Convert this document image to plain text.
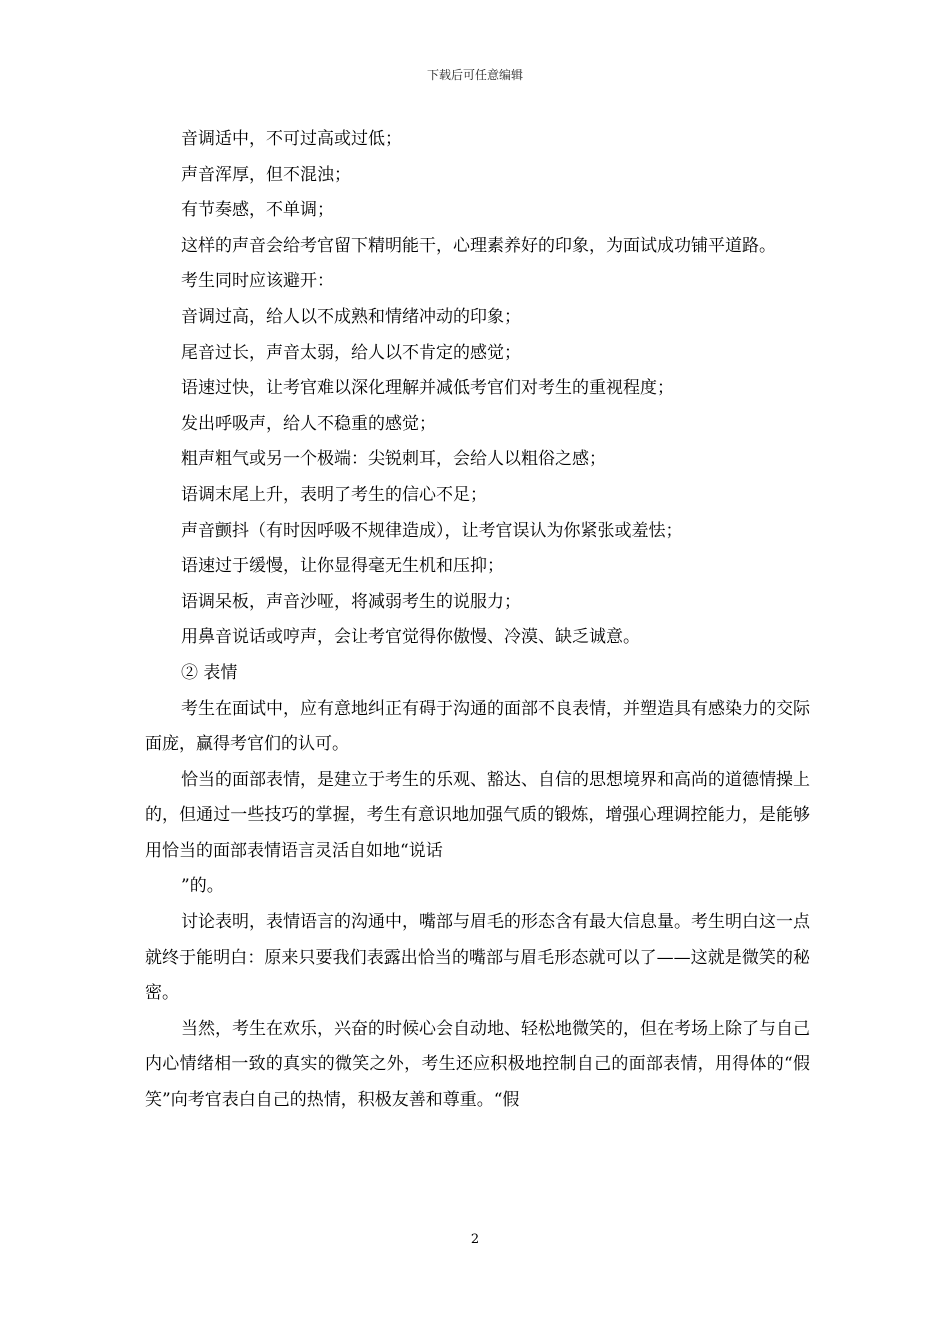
下载后可任意编辑

音调适中，不可过高或过低；

声音浑厚，但不混浊；

有节奏感，不单调；

这样的声音会给考官留下精明能干，心理素养好的印象，为面试成功铺平道路。

考生同时应该避开：

音调过高，给人以不成熟和情绪冲动的印象；

尾音过长，声音太弱，给人以不肯定的感觉；

语速过快，让考官难以深化理解并减低考官们对考生的重视程度；

发出呼吸声，给人不稳重的感觉；

粗声粗气或另一个极端：尖锐刺耳，会给人以粗俗之感；

语调末尾上升，表明了考生的信心不足；

声音颤抖（有时因呼吸不规律造成），让考官误认为你紧张或羞怯；

语速过于缓慢，让你显得毫无生机和压抑；

语调呆板，声音沙哑，将减弱考生的说服力；

用鼻音说话或哼声，会让考官觉得你傲慢、冷漠、缺乏诚意。

② 表情

考生在面试中，应有意地纠正有碍于沟通的面部不良表情，并塑造具有感染力的交际面庞，赢得考官们的认可。

恰当的面部表情，是建立于考生的乐观、豁达、自信的思想境界和高尚的道德情操上的，但通过一些技巧的掌握，考生有意识地加强气质的锻炼，增强心理调控能力，是能够用恰当的面部表情语言灵活自如地“说话

”的。

讨论表明，表情语言的沟通中，嘴部与眉毛的形态含有最大信息量。考生明白这一点就终于能明白：原来只要我们表露出恰当的嘴部与眉毛形态就可以了——这就是微笑的秘密。

当然，考生在欢乐，兴奋的时候心会自动地、轻松地微笑的，但在考场上除了与自己内心情绪相一致的真实的微笑之外，考生还应积极地控制自己的面部表情，用得体的“假笑”向考官表白自己的热情，积极友善和尊重。“假

2
